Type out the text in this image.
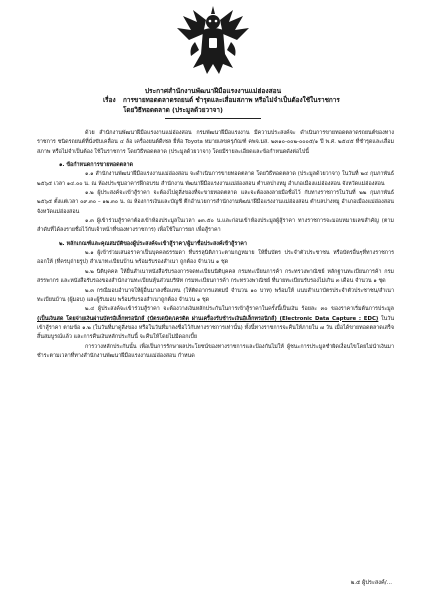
ประกาศสำนักงานพัฒนาฝีมือแรงงานแม่ฮ่องสอน
เรื่อง การขายทอดตลาดรถยนต์ ชำรุดและเสื่อมสภาพ หรือไม่จำเป็นต้องใช้ในราชการ
โดยวิธีทอดตลาด (ประมูลด้วยวาจา)

ด้วย สำนักงานพัฒนาฝีมือแรงงานแม่ฮ่องสอน กรมพัฒนาฝีมือแรงงาน มีความประสงค์จะ ดำเนินการขายทอดตลาดรถยนต์ของทางราชการ ชนิดรถยนต์ที่นั่งขับเคลื่อน ๔ ล้อ เครื่องยนต์ดีเซล ยี่ห้อ Toyota หมายเลขครุภัณฑ์ คพจ.มส. ๒๓๑๐-๐๐๒-๐๐๐๕/๑ ปี พ.ศ. ๒๕๔๕ ที่ชำรุดและเสื่อมสภาพ หรือไม่จำเป็นต้อง ใช้ในราชการ โดยวิธีทอดตลาด (ประมูลด้วยวาจา) โดยมีรายละเอียดและข้อกำหนดดังต่อไปนี้

๑. ข้อกำหนดการขายทอดตลาด

๑.๑ สำนักงานพัฒนาฝีมือแรงงานแม่ฮ่องสอน จะดำเนินการขายทอดตลาด โดยวิธีทอดตลาด (ประมูลด้วยวาจา) ในวันที่ ๒๔ กุมภาพันธ์ ๒๕๖๕ เวลา ๑๔.๐๐ น. ณ ห้องประชุมอาคารฝึกอบรม สำนักงาน พัฒนาฝีมือแรงงานแม่ฮ่องสอน ตำบลปางหมู อำเภอเมืองแม่ฮ่องสอน จังหวัดแม่ฮ่องสอน

๑.๒ ผู้ประสงค์จะเข้าสู้ราคา จะต้องไปดูสิ่งของที่จะขายทอดตลาด และจะต้องลงลายมือชื่อไว้ กับทางราชการในวันที่ ๒๒ กุมภาพันธ์ ๒๕๖๕ ตั้งแต่เวลา ๐๙.๓๐ – ๑๒.๓๐ น. ณ ห้องการเงินและบัญชี ตึกอำนวยการสำนักงานพัฒนาฝีมือแรงงานแม่ฮ่องสอน ตำบลปางหมู อำเภอเมืองแม่ฮ่องสอน จังหวัดแม่ฮ่องสอน

๑.๓ ผู้เข้าร่วมสู้ราคาต้องเข้าห้องประมูลในเวลา ๑๓.๕๐ น.และก่อนเข้าห้องประมูลผู้สู้ราคา ทางราชการจะมอบหมายเลขสำคัญ (ตามลำดับที่ได้ลงรายชื่อไว้กับเจ้าหน้าที่ของทางราชการ) เพื่อใช้ในการยก เพื่อสู้ราคา

๒. หลักเกณฑ์และคุณสมบัติของผู้ประสงค์จะเข้าสู้ราคา/ผู้มาชื่อประสงค์เข้าสู้ราคา

๒.๑ ผู้เข้าร่วมเสนอราคาเป็นบุคคลธรรมดา ที่บรรลุนิติภาวะตามกฎหมาย ให้ยื่นบัตร ประจำตัวประชาชน หรือบัตรอื่นๆที่ทางราชการออกให้ (ที่ครบุถ่ายรูป) สำเนาทะเบียนบ้าน พร้อมรับรองสำเนา ถูกต้อง จำนวน ๑ ชุด

๒.๒ นิติบุคคล ให้ยื่นสำเนาหนังสือรับรองการจดทะเบียนนิติบุคคล กรมทะเบียนการค้า กระทรวงพาณิชย์ หลักฐานทะเบียนการค้า กรมสรรพากร และหนังสือรับรองของสำนักงานทะเบียนหุ้นส่วนบริษัท กรมทะเบียนการค้า กระทรวงพาณิชย์ ที่นายทะเบียนรับรองไม่เกิน ๓ เดือน จำนวน ๑ ชุด

๒.๓ กรณีมอบอำนาจให้ผู้อื่นมาลงชื่อแทน (ให้ติดอากรแสตมป์ จำนวน ๑๐ บาท) พร้อมให้ แนบสำเนาบัตรประจำตัวประชาชน/สำเนาทะเบียนบ้าน (ผู้มอบ) และผู้รับมอบ พร้อมรับรองสำเนาถูกต้อง จำนวน ๑ ชุด

๒.๔ ผู้ประสงค์จะเข้าร่วมสู้ราคา จะต้องวางเงินหลักประกันในการเข้าสู้ราคาในครั้งนี้เป็นเงิน ร้อยละ ๓๐ ของราคาเริ่มต้นการประมูล (เป็นเงินสด โดยจ่ายเงินผ่านบัตรอิเล็กทรอนิกส์ (บัตรเดบิต/เครดิต ผ่านเครื่องรับชำระเงินอิเล็กทรอนิกส์) (Electronic Data Capture : EDC) ในวันเข้าสู้ราคา ตามข้อ ๑.๒ (ในวันที่มาดูสิ่งของ หรือในวันที่มาลงชื่อไว้กับทางราชการเท่านั้น) ทั้งนี้ทางราชการจะคืนให้ภายใน ๗ วัน เมื่อได้ขายทอดตลาดเสร็จสิ้นสมบูรณ์แล้ว และการคืนเงินหลักประกันนี้ จะคืนให้โดยไม่มีดอกเบี้ย

การวางหลักประกันนั้น เพื่อเป็นการรักษาผลประโยชน์ของทางราชการและป้องกันไม่ให้ ผู้ชนะการประมูลชำผิดเงื่อนไขโดยไม่นำเงินมาชำระตามเวลาที่ทางสำนักงานพัฒนาฝีมือแรงงานแม่ฮ่องสอน กำหนด

๒.๕ ผู้ประสงค์/...
